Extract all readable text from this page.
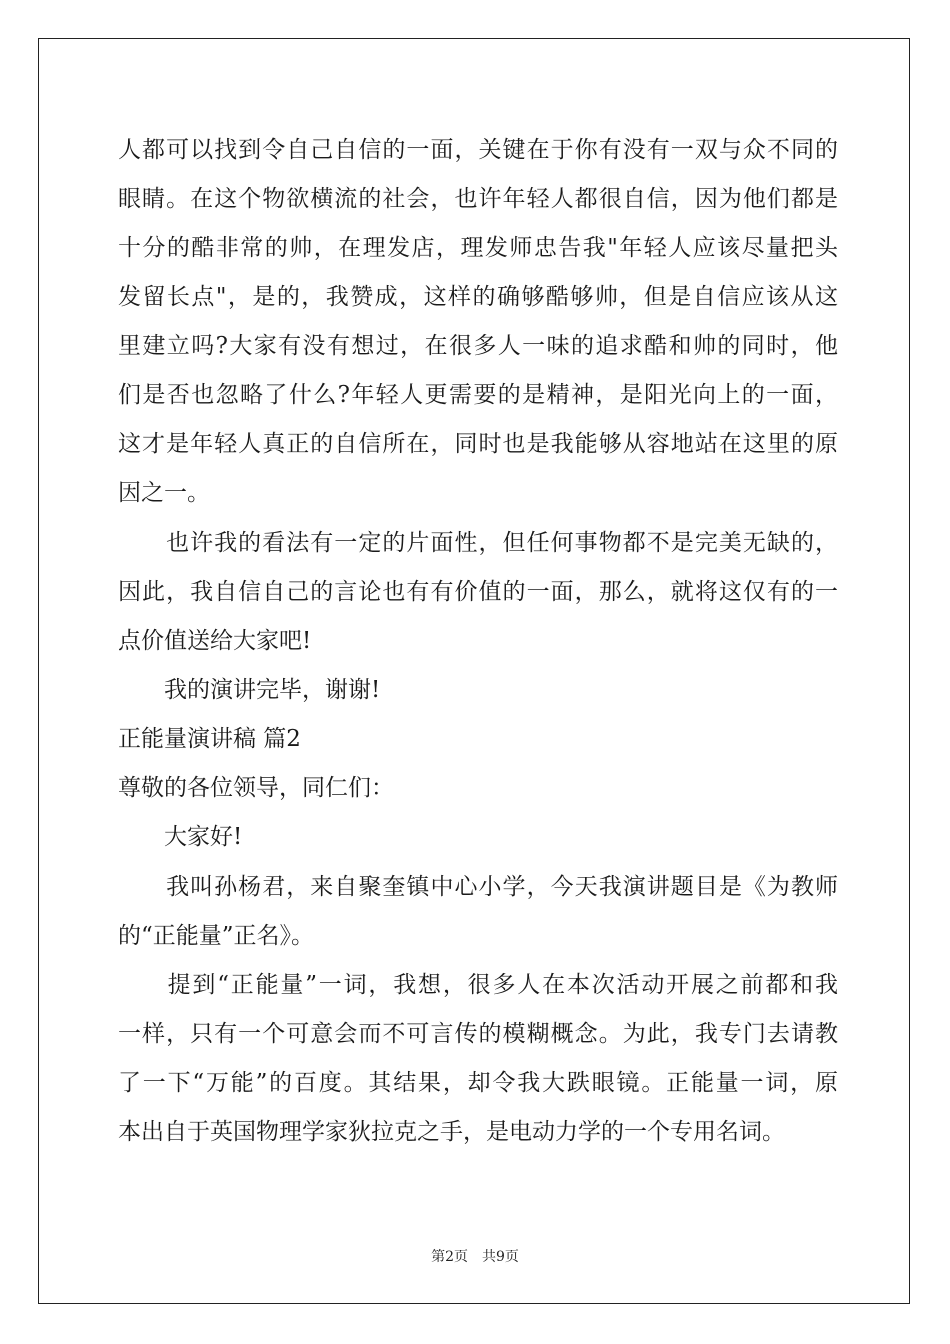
人都可以找到令自己自信的一面，关键在于你有没有一双与众不同的
眼睛。在这个物欲横流的社会，也许年轻人都很自信，因为他们都是
十分的酷非常的帅，在理发店，理发师忠告我"年轻人应该尽量把头
发留长点"，是的，我赞成，这样的确够酷够帅，但是自信应该从这
里建立吗?大家有没有想过，在很多人一味的追求酷和帅的同时，他
们是否也忽略了什么?年轻人更需要的是精神，是阳光向上的一面，
这才是年轻人真正的自信所在，同时也是我能够从容地站在这里的原
因之一。
　　也许我的看法有一定的片面性，但任何事物都不是完美无缺的，
因此，我自信自己的言论也有有价值的一面，那么，就将这仅有的一
点价值送给大家吧!
　　我的演讲完毕，谢谢!
正能量演讲稿 篇2
尊敬的各位领导，同仁们：
　　大家好!
　　我叫孙杨君，来自聚奎镇中心小学，今天我演讲题目是《为教师
的“正能量”正名》。
　　提到“正能量”一词，我想，很多人在本次活动开展之前都和我
一样，只有一个可意会而不可言传的模糊概念。为此，我专门去请教
了一下“万能”的百度。其结果，却令我大跌眼镜。正能量一词，原
本出自于英国物理学家狄拉克之手，是电动力学的一个专用名词。
第2页　共9页
